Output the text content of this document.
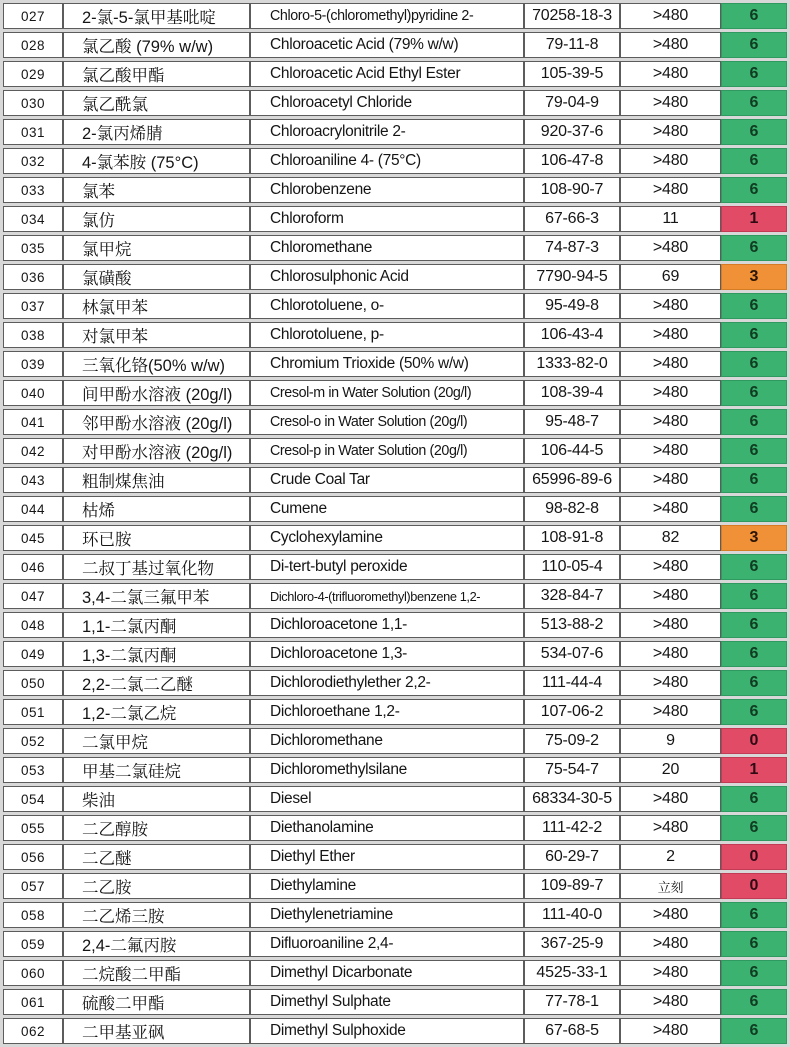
027	2-氯-5-氯甲基吡啶	Chloro-5-(chloromethyl)pyridine 2-	70258-18-3	>480	6
028	氯乙酸 (79% w/w)	Chloroacetic Acid (79% w/w)	79-11-8	>480	6
029	氯乙酸甲酯	Chloroacetic Acid Ethyl Ester	105-39-5	>480	6
030	氯乙酰氯	Chloroacetyl Chloride	79-04-9	>480	6
031	2-氯丙烯腈	Chloroacrylonitrile 2-	920-37-6	>480	6
032	4-氯苯胺 (75°C)	Chloroaniline 4- (75°C)	106-47-8	>480	6
033	氯苯	Chlorobenzene	108-90-7	>480	6
034	氯仿	Chloroform	67-66-3	11	1
035	氯甲烷	Chloromethane	74-87-3	>480	6
036	氯磺酸	Chlorosulphonic Acid	7790-94-5	69	3
037	林氯甲苯	Chlorotoluene, o-	95-49-8	>480	6
038	对氯甲苯	Chlorotoluene, p-	106-43-4	>480	6
039	三氧化铬(50% w/w)	Chromium Trioxide (50% w/w)	1333-82-0	>480	6
040	间甲酚水溶液 (20g/l)	Cresol-m in Water Solution (20g/l)	108-39-4	>480	6
041	邻甲酚水溶液 (20g/l)	Cresol-o in Water Solution (20g/l)	95-48-7	>480	6
042	对甲酚水溶液 (20g/l)	Cresol-p in Water Solution (20g/l)	106-44-5	>480	6
043	粗制煤焦油	Crude Coal Tar	65996-89-6	>480	6
044	枯烯	Cumene	98-82-8	>480	6
045	环已胺	Cyclohexylamine	108-91-8	82	3
046	二叔丁基过氧化物	Di-tert-butyl peroxide	110-05-4	>480	6
047	3,4-二氯三氟甲苯	Dichloro-4-(trifluoromethyl)benzene 1,2-	328-84-7	>480	6
048	1,1-二氯丙酮	Dichloroacetone 1,1-	513-88-2	>480	6
049	1,3-二氯丙酮	Dichloroacetone 1,3-	534-07-6	>480	6
050	2,2-二氯二乙醚	Dichlorodiethylether 2,2-	111-44-4	>480	6
051	1,2-二氯乙烷	Dichloroethane 1,2-	107-06-2	>480	6
052	二氯甲烷	Dichloromethane	75-09-2	9	0
053	甲基二氯硅烷	Dichloromethylsilane	75-54-7	20	1
054	柴油	Diesel	68334-30-5	>480	6
055	二乙醇胺	Diethanolamine	111-42-2	>480	6
056	二乙醚	Diethyl Ether	60-29-7	2	0
057	二乙胺	Diethylamine	109-89-7	立刻	0
058	二乙烯三胺	Diethylenetriamine	111-40-0	>480	6
059	2,4-二氟丙胺	Difluoroaniline 2,4-	367-25-9	>480	6
060	二烷酸二甲酯	Dimethyl Dicarbonate	4525-33-1	>480	6
061	硫酸二甲酯	Dimethyl Sulphate	77-78-1	>480	6
062	二甲基亚砜	Dimethyl Sulphoxide	67-68-5	>480	6
